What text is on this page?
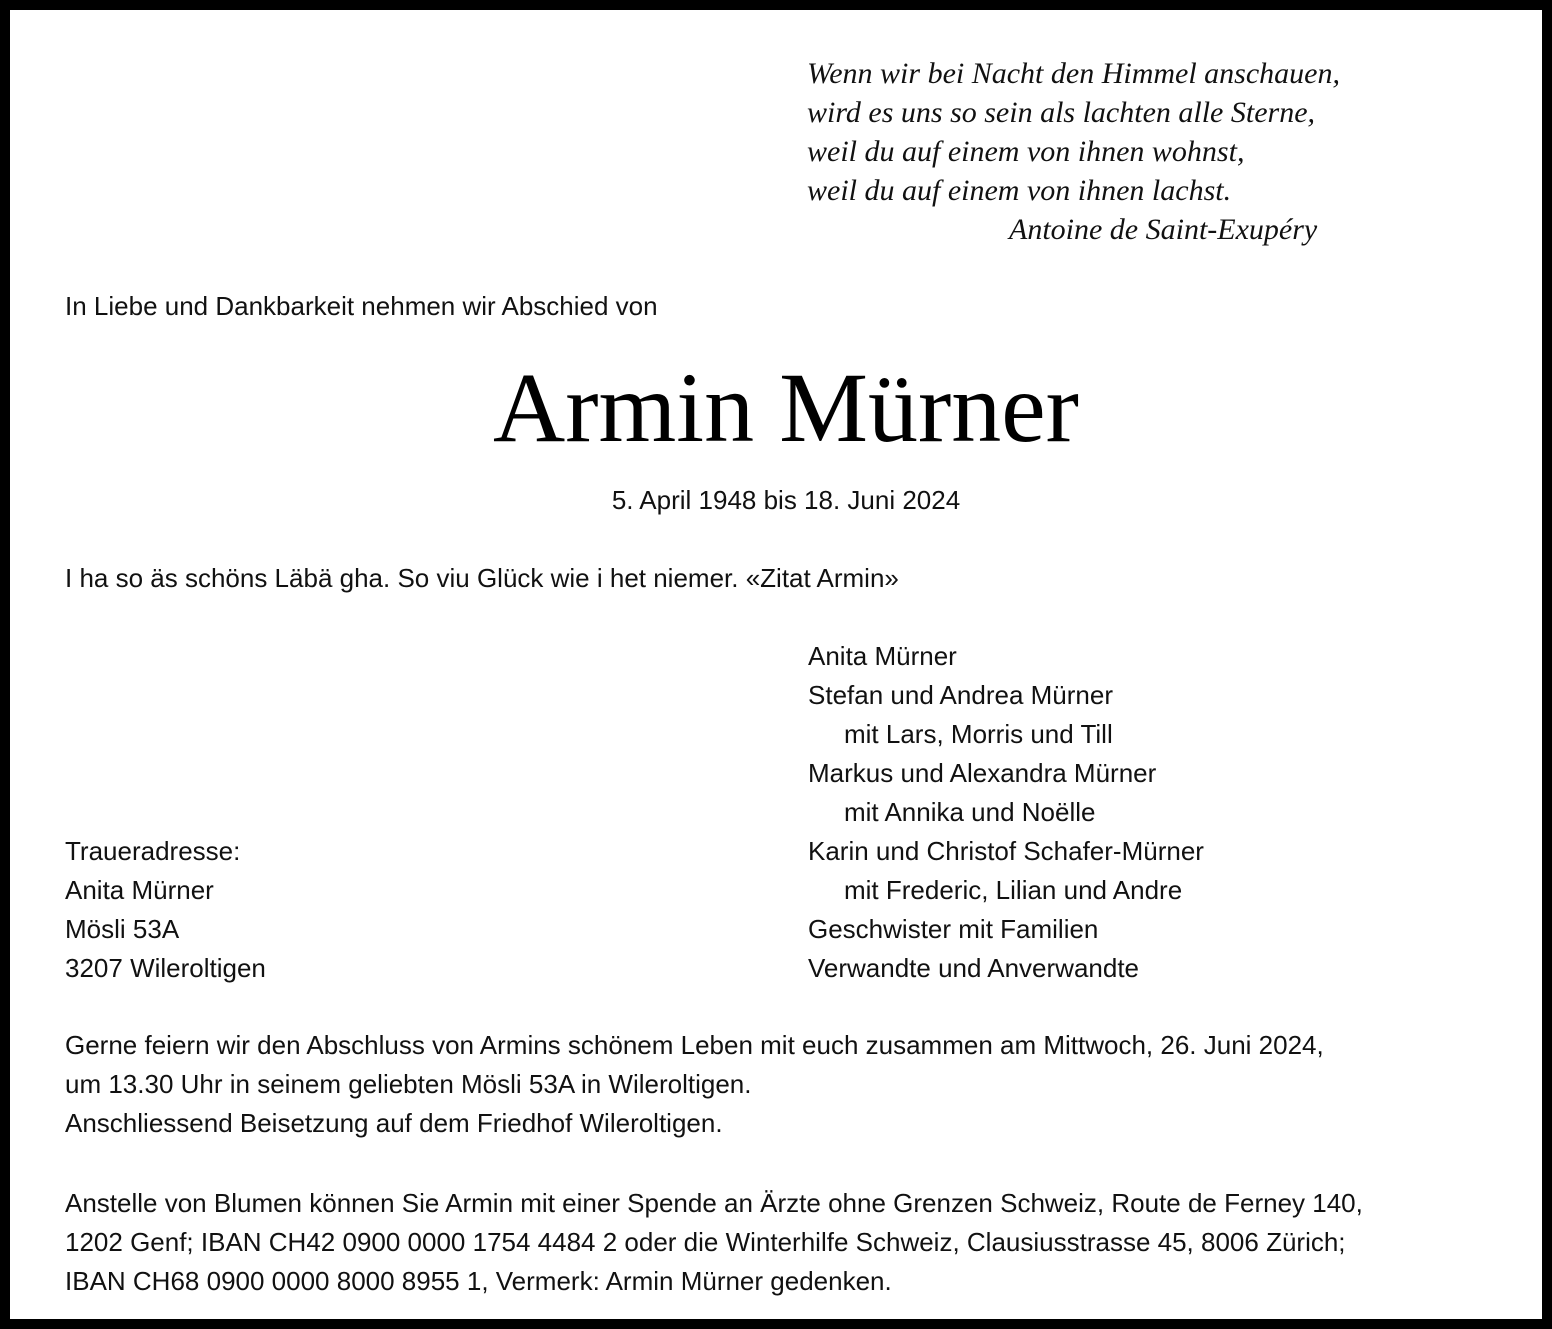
Wenn wir bei Nacht den Himmel anschauen,
wird es uns so sein als lachten alle Sterne,
weil du auf einem von ihnen wohnst,
weil du auf einem von ihnen lachst.
Antoine de Saint-Exupéry
In Liebe und Dankbarkeit nehmen wir Abschied von
Armin Mürner
5. April 1948 bis 18. Juni 2024
I ha so äs schöns Läbä gha. So viu Glück wie i het niemer. «Zitat Armin»
Anita Mürner
Stefan und Andrea Mürner
mit Lars, Morris und Till
Markus und Alexandra Mürner
mit Annika und Noëlle
Karin und Christof Schafer-Mürner
mit Frederic, Lilian und Andre
Geschwister mit Familien
Verwandte und Anverwandte
Traueradresse:
Anita Mürner
Mösli 53A
3207 Wileroltigen
Gerne feiern wir den Abschluss von Armins schönem Leben mit euch zusammen am Mittwoch, 26. Juni 2024,
um 13.30 Uhr in seinem geliebten Mösli 53A in Wileroltigen.
Anschliessend Beisetzung auf dem Friedhof Wileroltigen.
Anstelle von Blumen können Sie Armin mit einer Spende an Ärzte ohne Grenzen Schweiz, Route de Ferney 140,
1202 Genf; IBAN CH42 0900 0000 1754 4484 2 oder die Winterhilfe Schweiz, Clausiusstrasse 45, 8006 Zürich;
IBAN CH68 0900 0000 8000 8955 1, Vermerk: Armin Mürner gedenken.
